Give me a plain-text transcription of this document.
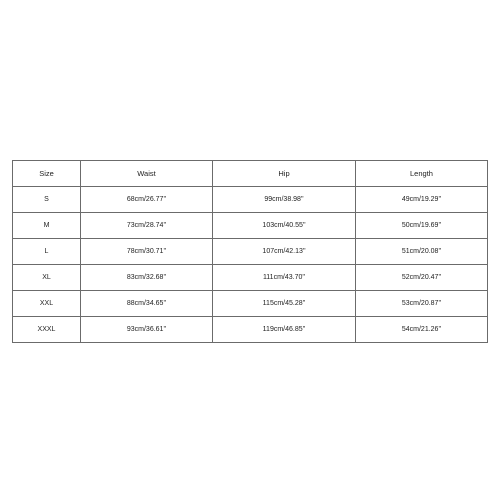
Size	Waist	Hip	Length
S	68cm/26.77''	99cm/38.98''	49cm/19.29''
M	73cm/28.74''	103cm/40.55''	50cm/19.69''
L	78cm/30.71''	107cm/42.13''	51cm/20.08''
XL	83cm/32.68''	111cm/43.70''	52cm/20.47''
XXL	88cm/34.65''	115cm/45.28''	53cm/20.87''
XXXL	93cm/36.61''	119cm/46.85''	54cm/21.26''
